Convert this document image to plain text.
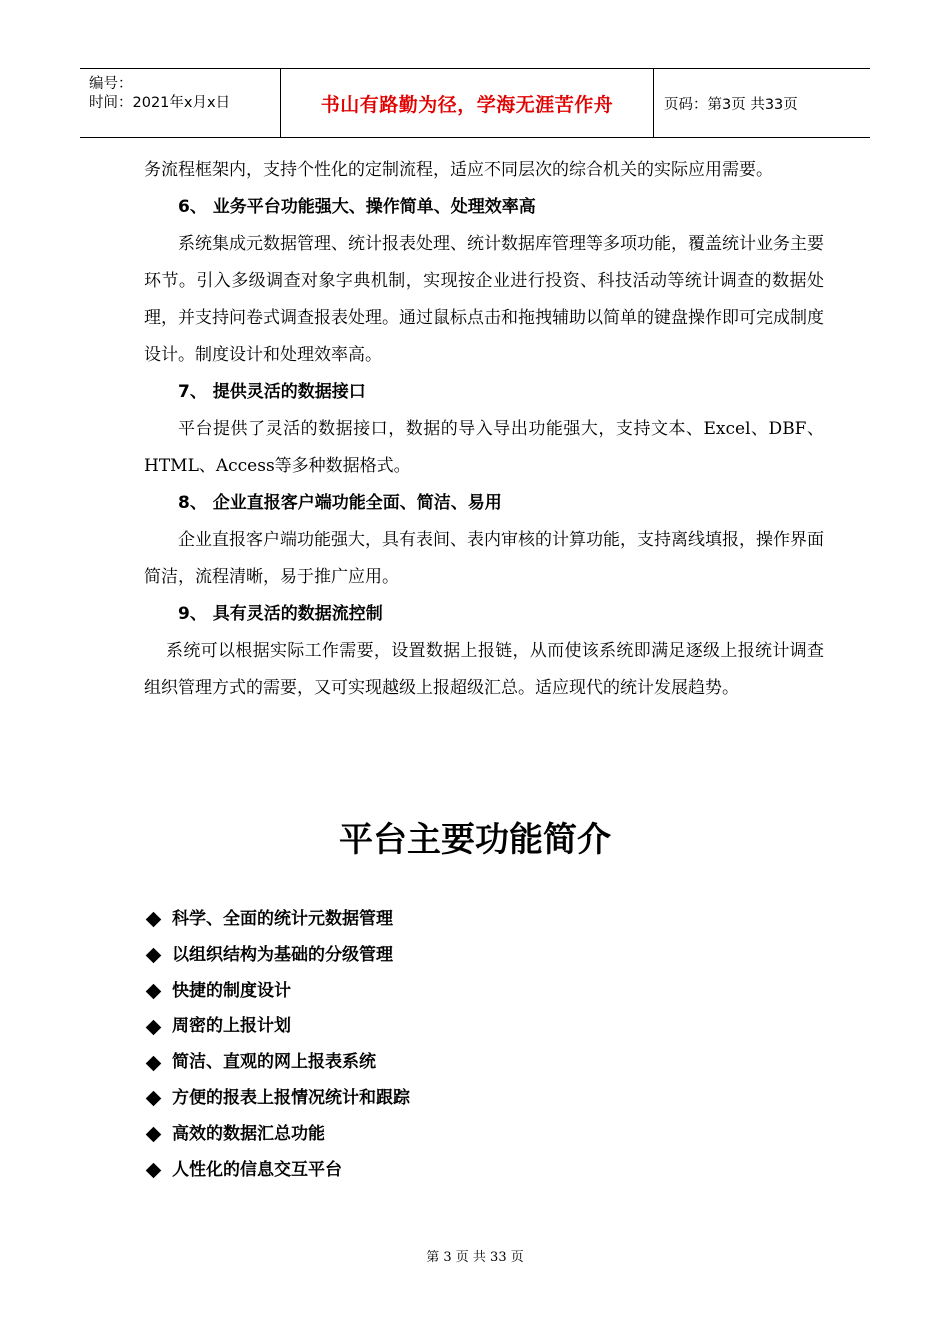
编号：
时间：2021年x月x日	书山有路勤为径，学海无涯苦作舟	页码：第3页 共33页

务流程框架内，支持个性化的定制流程，适应不同层次的综合机关的实际应用需要。

6、 业务平台功能强大、操作简单、处理效率高

系统集成元数据管理、统计报表处理、统计数据库管理等多项功能，覆盖统计业务主要环节。引入多级调查对象字典机制，实现按企业进行投资、科技活动等统计调查的数据处理，并支持问卷式调查报表处理。通过鼠标点击和拖拽辅助以简单的键盘操作即可完成制度设计。制度设计和处理效率高。

7、 提供灵活的数据接口

平台提供了灵活的数据接口，数据的导入导出功能强大，支持文本、Excel、DBF、HTML、Access等多种数据格式。

8、 企业直报客户端功能全面、简洁、易用

企业直报客户端功能强大，具有表间、表内审核的计算功能，支持离线填报，操作界面简洁，流程清晰，易于推广应用。

9、 具有灵活的数据流控制

系统可以根据实际工作需要，设置数据上报链，从而使该系统即满足逐级上报统计调查组织管理方式的需要，又可实现越级上报超级汇总。适应现代的统计发展趋势。

平台主要功能简介
科学、全面的统计元数据管理
以组织结构为基础的分级管理
快捷的制度设计
周密的上报计划
简洁、直观的网上报表系统
方便的报表上报情况统计和跟踪
高效的数据汇总功能
人性化的信息交互平台
第 3 页 共 33 页
